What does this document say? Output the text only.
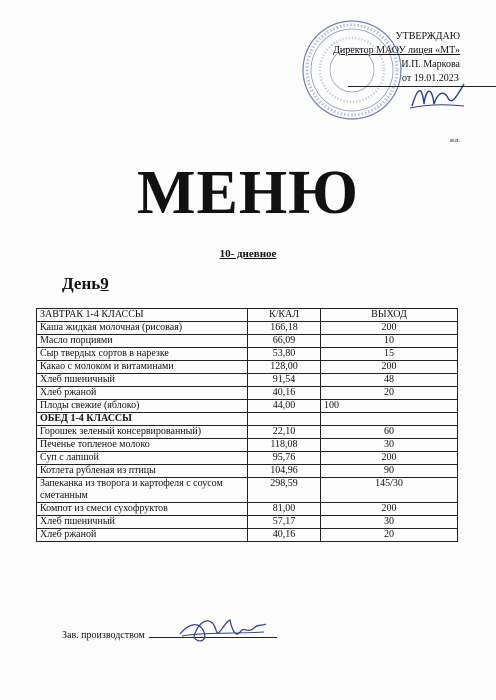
УТВЕРЖДАЮ
Директор МАОУ лицея «МТ»
И.П. Маркова
от 19.01.2023
м.п.
МЕНЮ
10- дневное
День9
ЗАВТРАК 1-4 КЛАССЫ	К/КАЛ	ВЫХОД
Каша жидкая молочная (рисовая)	166,18	200
Масло порциями	66,09	10
Сыр твердых сортов в нарезке	53,80	15
Какао с молоком и витаминами	128,00	200
Хлеб пшеничный	91,54	48
Хлеб ржаной	40,16	20
Плоды свежие (яблоко)	44,00	100
ОБЕД 1-4 КЛАССЫ		
Горошек зеленый консервированный)	22,10	60
Печенье топленое молоко	118,08	30
Суп с лапшой	95,76	200
Котлета рубленая из птицы	104,96	90
Запеканка из творога и картофеля с соусом сметанным	298,59	145/30
Компот из смеси сухофруктов	81,00	200
Хлеб пшеничный	57,17	30
Хлеб ржаной	40,16	20
Зав. производством
